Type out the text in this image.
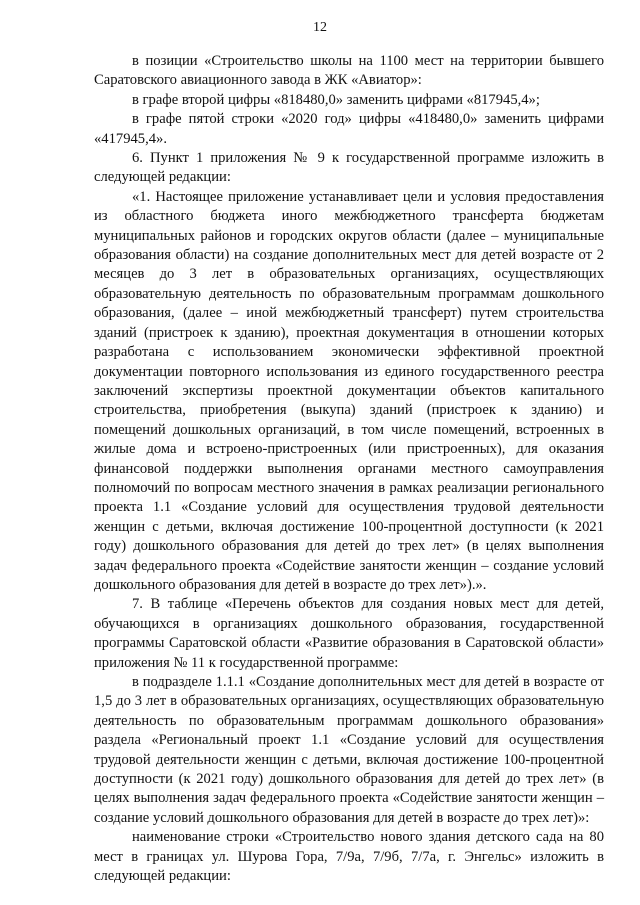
12

в позиции «Строительство школы на 1100 мест на территории бывшего Саратовского авиационного завода в ЖК «Авиатор»:

в графе второй цифры «818480,0» заменить цифрами «817945,4»;

в графе пятой строки «2020 год» цифры «418480,0» заменить цифрами «417945,4».

6. Пункт 1 приложения № 9 к государственной программе изложить в следующей редакции:

«1. Настоящее приложение устанавливает цели и условия предоставления из областного бюджета иного межбюджетного трансферта бюджетам муниципальных районов и городских округов области (далее – муниципальные образования области) на создание дополнительных мест для детей возрасте от 2 месяцев до 3 лет в образовательных организациях, осуществляющих образовательную деятельность по образовательным программам дошкольного образования, (далее – иной межбюджетный трансферт) путем строительства зданий (пристроек к зданию), проектная документация в отношении которых разработана с использованием экономически эффективной проектной документации повторного использования из единого государственного реестра заключений экспертизы проектной документации объектов капитального строительства, приобретения (выкупа) зданий (пристроек к зданию) и помещений дошкольных организаций, в том числе помещений, встроенных в жилые дома и встроено-пристроенных (или пристроенных), для оказания финансовой поддержки выполнения органами местного самоуправления полномочий по вопросам местного значения в рамках реализации регионального проекта 1.1 «Создание условий для осуществления трудовой деятельности женщин с детьми, включая достижение 100-процентной доступности (к 2021 году) дошкольного образования для детей до трех лет» (в целях выполнения задач федерального проекта «Содействие занятости женщин – создание условий дошкольного образования для детей в возрасте до трех лет»).».

7. В таблице «Перечень объектов для создания новых мест для детей, обучающихся в организациях дошкольного образования, государственной программы Саратовской области «Развитие образования в Саратовской области» приложения № 11 к государственной программе:

в подразделе 1.1.1 «Создание дополнительных мест для детей в возрасте от 1,5 до 3 лет в образовательных организациях, осуществляющих образовательную деятельность по образовательным программам дошкольного образования» раздела «Региональный проект 1.1 «Создание условий для осуществления трудовой деятельности женщин с детьми, включая достижение 100-процентной доступности (к 2021 году) дошкольного образования для детей до трех лет» (в целях выполнения задач федерального проекта «Содействие занятости женщин – создание условий дошкольного образования для детей в возрасте до трех лет)»:

наименование строки «Строительство нового здания детского сада на 80 мест в границах ул. Шурова Гора, 7/9а, 7/9б, 7/7а, г. Энгельс» изложить в следующей редакции:
